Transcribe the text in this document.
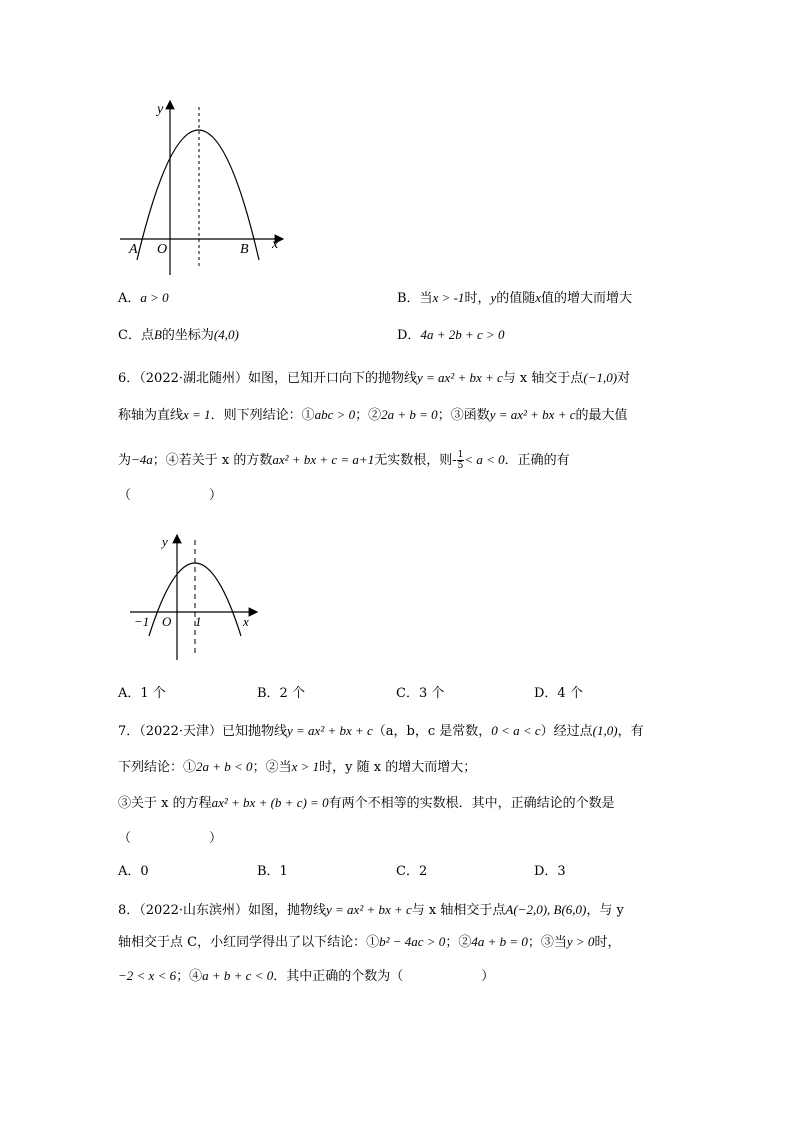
y
x
A O	B
A．a > 0	B．当x > -1时，y的值随x值的增大而增大
C．点B的坐标为(4,0)	D．4a + 2b + c > 0
6．（2022·湖北随州）如图，已知开口向下的抛物线y = ax² + bx + c与 x 轴交于点(−1,0)对
称轴为直线x = 1．则下列结论：①abc > 0；②2a + b = 0；③函数y = ax² + bx + c的最大值
为−4a；④若关于 x 的方数ax² + bx + c = a+1无实数根，则- $\frac{1}{5} < a < 0$．正确的有
（　　　　　　）
y
x
−1 O 1
A．1 个	B．2 个	C．3 个	D．4 个
7．（2022·天津）已知抛物线y = ax² + bx + c（a，b，c 是常数，0 < a < c）经过点(1,0)，有
下列结论：①2a + b < 0；②当x > 1时，y 随 x 的增大而增大；
③关于 x 的方程ax² + bx + (b + c) = 0有两个不相等的实数根．其中，正确结论的个数是
（　　　　　　）
A．0	B．1	C．2	D．3
8．（2022·山东滨州）如图，抛物线y = ax² + bx + c与 x 轴相交于点A(−2,0), B(6,0)，与 y
轴相交于点 C，小红同学得出了以下结论：①b² − 4ac > 0；②4a + b = 0；③当y > 0时，
−2 < x < 6；④a + b + c < 0．其中正确的个数为（　　　　　　）
